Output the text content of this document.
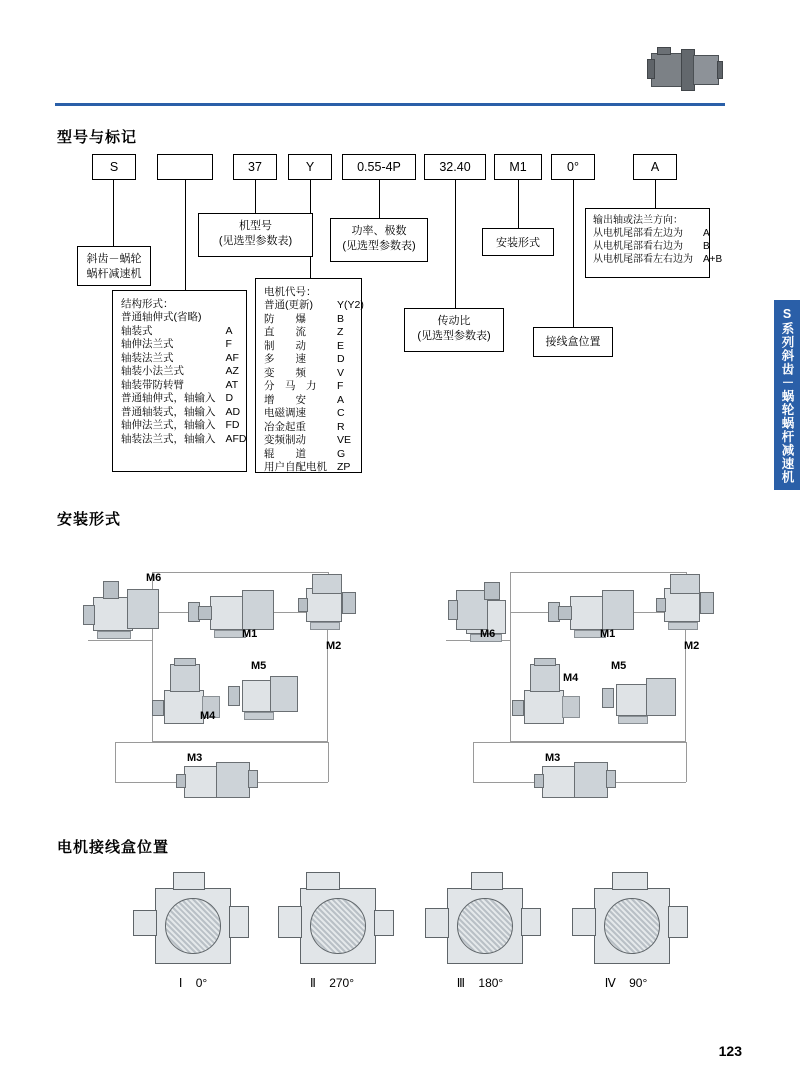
S系列斜齿－蜗轮蜗杆减速机
型号与标记
S	37	Y	0.55-4P	32.40	M1	0°	A
斜齿－蜗轮
蜗杆减速机
结构形式：
普通轴伸式(省略)	
轴装式	A
轴伸法兰式	F
轴装法兰式	AF
轴装小法兰式	AZ
轴装带防转臂	AT
普通轴伸式，轴输入	D
普通轴装式，轴输入	AD
轴伸法兰式，轴输入	FD
轴装法兰式，轴输入	AFD
机型号
(见选型参数表)
电机代号：
普通(更新)	Y(Y2)
防　　爆	B
直　　流	Z
制　　动	E
多　　速	D
变　　频	V
分　马　力	F
增　　安	A
电磁调速	C
冶金起重	R
变频制动	VE
辊　　道	G
用户自配电机	ZP
功率、极数
(见选型参数表)
传动比
(见选型参数表)
安装形式
接线盒位置
输出轴或法兰方向：
从电机尾部看左边为	A
从电机尾部看右边为	B
从电机尾部看左右边为	A+B
安装形式
M6
M1
M2
M5
M4
M3
M6	M1
M2
M5
M4
M3
电机接线盒位置
Ⅰ 0°	Ⅱ 270°	Ⅲ 180°	Ⅳ 90°
123
